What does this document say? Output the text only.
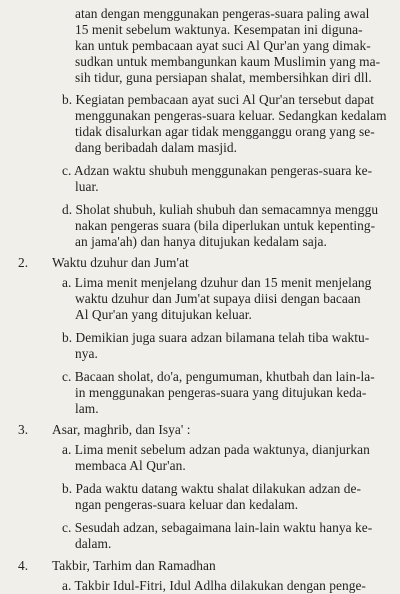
atan dengan menggunakan pengeras-suara paling awal
15 menit sebelum waktunya. Kesempatan ini diguna-
kan untuk pembacaan ayat suci Al Qur'an yang dimak-
sudkan untuk membangunkan kaum Muslimin yang ma-
sih tidur, guna persiapan shalat, membersihkan diri dll.
b. Kegiatan pembacaan ayat suci Al Qur'an tersebut dapat
menggunakan pengeras-suara keluar. Sedangkan kedalam
tidak disalurkan agar tidak mengganggu orang yang se-
dang beribadah dalam masjid.
c. Adzan waktu shubuh menggunakan pengeras-suara ke-
luar.
d. Sholat shubuh, kuliah shubuh dan semacamnya menggu
nakan pengeras suara (bila diperlukan untuk kepenting-
an jama'ah) dan hanya ditujukan kedalam saja.
2. Waktu dzuhur dan Jum'at
a. Lima menit menjelang dzuhur dan 15 menit menjelang
waktu dzuhur dan Jum'at supaya diisi dengan bacaan
Al Qur'an yang ditujukan keluar.
b. Demikian juga suara adzan bilamana telah tiba waktu-
nya.
c. Bacaan sholat, do'a, pengumuman, khutbah dan lain-la-
in menggunakan pengeras-suara yang ditujukan keda-
lam.
3. Asar, maghrib, dan Isya' :
a. Lima menit sebelum adzan pada waktunya, dianjurkan
membaca Al Qur'an.
b. Pada waktu datang waktu shalat dilakukan adzan de-
ngan pengeras-suara keluar dan kedalam.
c. Sesudah adzan, sebagaimana lain-lain waktu hanya ke-
dalam.
4. Takbir, Tarhim dan Ramadhan
a. Takbir Idul-Fitri, Idul Adlha dilakukan dengan penge-
